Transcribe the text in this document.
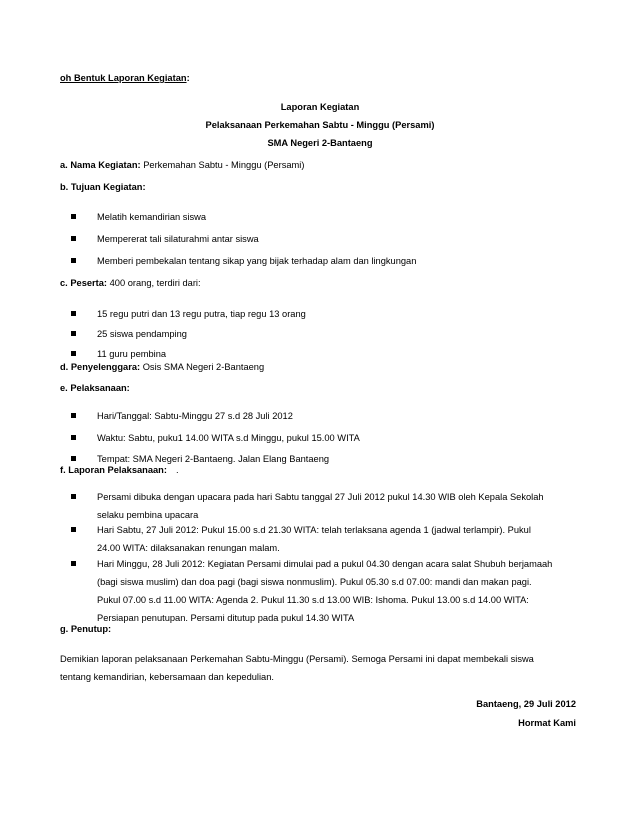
oh Bentuk Laporan Kegiatan:
Laporan Kegiatan
Pelaksanaan Perkemahan Sabtu - Minggu (Persami)
SMA Negeri 2-Bantaeng
a. Nama Kegiatan: Perkemahan Sabtu - Minggu (Persami)
b. Tujuan Kegiatan:
Melatih kemandirian siswa
Mempererat tali silaturahmi antar siswa
Memberi pembekalan tentang sikap yang bijak terhadap alam dan lingkungan
c. Peserta: 400 orang, terdiri dari:
15 regu putri dan 13 regu putra, tiap regu 13 orang
25 siswa pendamping
11 guru pembina
d. Penyelenggara: Osis SMA Negeri 2-Bantaeng
e. Pelaksanaan:
Hari/Tanggal: Sabtu-Minggu 27 s.d 28 Juli 2012
Waktu: Sabtu, puku1 14.00 WITA s.d Minggu, pukul 15.00 WITA
Tempat: SMA Negeri 2-Bantaeng. Jalan Elang Bantaeng
f. Laporan Pelaksanaan: .
Persami dibuka dengan upacara pada hari Sabtu tanggal 27 Juli 2012 pukul 14.30 WIB oleh Kepala Sekolah
selaku pembina upacara
Hari Sabtu, 27 Juli 2012: Pukul 15.00 s.d 21.30 WITA: telah terlaksana agenda 1 (jadwal terlampir). Pukul
24.00 WITA: dilaksanakan renungan malam.
Hari Minggu, 28 Juli 2012: Kegiatan Persami dimulai pad a pukul 04.30 dengan acara salat Shubuh berjamaah
(bagi siswa muslim) dan doa pagi (bagi siswa nonmuslim). Pukul 05.30 s.d 07.00: mandi dan makan pagi.
Pukul 07.00 s.d 11.00 WITA: Agenda 2. Pukul 11.30 s.d 13.00 WIB: Ishoma. Pukul 13.00 s.d 14.00 WITA:
Persiapan penutupan. Persami ditutup pada pukul 14.30 WITA
g. Penutup:
Demikian laporan pelaksanaan Perkemahan Sabtu-Minggu (Persami). Semoga Persami ini dapat membekali siswa
tentang kemandirian, kebersamaan dan kepedulian.
Bantaeng, 29 Juli 2012
Hormat Kami
